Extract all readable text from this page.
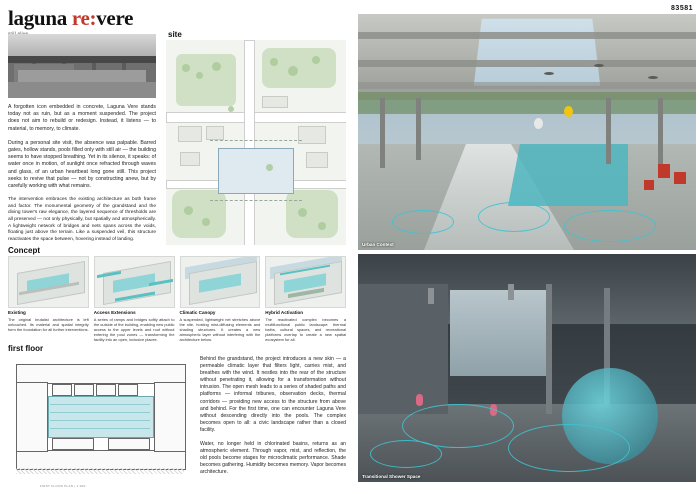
laguna re:vere

A forgotten icon embedded in concrete, Laguna Vere stands today not as ruin, but as a moment suspended. The project does not aim to rebuild or redesign. Instead, it listens — to material, to memory, to climate.

During a personal site visit, the absence was palpable. Barred gates, hollow stands, pools filled only with still air — the building seems to have stopped breathing. Yet in its silence, it speaks: of water once in motion, of sunlight once refracted through waves and glass, of an urban heartbeat long gone still. This project seeks to revive that pulse — not by constructing anew, but by carefully working with what remains.

The intervention embraces the existing architecture as both frame and factor. The monumental geometry of the grandstand and the diving tower's raw elegance, the layered sequence of thresholds are all preserved — not only physically, but spatially and atmospherically. A lightweight network of bridges and nets spans across the voids, floating just above the terrain. Like a suspended veil, this structure reactivates the space between, hovering instead of landing.

site
Concept
Existing

The original brutalist architecture is left untouched. Its material and spatial integrity form the foundation for all further interventions.

Access Extensions

A series of ramps and bridges softly attach to the outside of the building, enabling new public access to the upper levels and roof without entering the pool zones — transforming the facility into an open, inclusive placee.

Climatic Canopy

A suspended, lightweight net stretches above the site, hosting mist-diffusing elements and shading structures. It creates a new atmospheric layer without interfering with the architecture below.

Hybrid Activation

The reactivated complex becomes a multifunctional public landscape: thermal baths, cultural spaces, and recreational platforms overlap to create a new spatial ecosystem for all.

first floor
FIRST FLOOR PLAN | 1:200

Behind the grandstand, the project introduces a new skin — a permeable climatic layer that filters light, carries mist, and breathes with the wind. It nestles into the rear of the structure without penetrating it, allowing for a transformation without intrusion. The open mesh leads to a series of shaded paths and platforms — informal tribunes, observation decks, thermal corridors — providing new access to the structure from above and behind. For the first time, one can encounter Laguna Vere without descending directly into the pools. The complex becomes open to all: a civic landscape rather than a closed facility.

Water, no longer held in chlorinated basins, returns as an atmospheric element. Through vapor, mist, and reflection, the old pools become stages for microclimatic performance. Shade becomes gathering. Humidity becomes memory. Vapor becomes architecture.

83581
Urban Context
Transitional Shower Space
